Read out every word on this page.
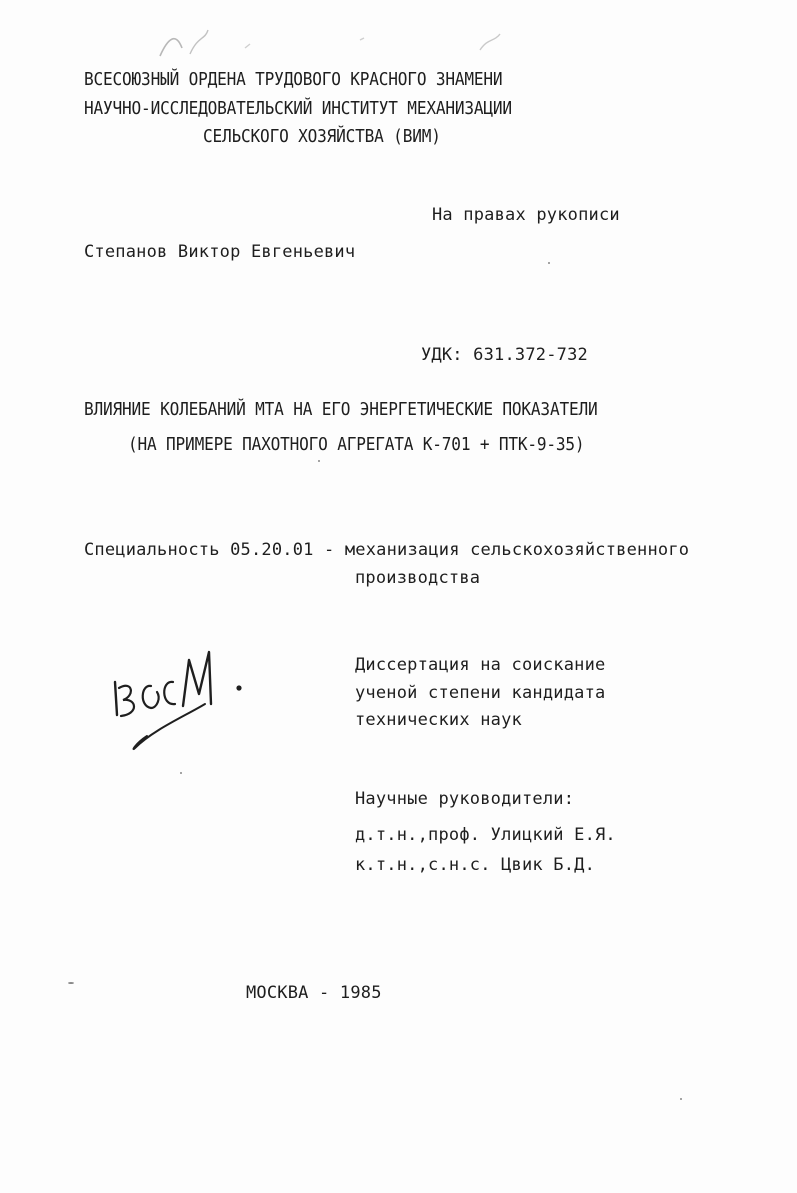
ВСЕСОЮЗНЫЙ ОРДЕНА ТРУДОВОГО КРАСНОГО ЗНАМЕНИ
НАУЧНО-ИССЛЕДОВАТЕЛЬСКИЙ ИНСТИТУТ МЕХАНИЗАЦИИ
СЕЛЬСКОГО ХОЗЯЙСТВА (ВИМ)
На правах рукописи
Степанов Виктор Евгеньевич
УДК: 631.372-732
ВЛИЯНИЕ КОЛЕБАНИЙ МТА НА ЕГО ЭНЕРГЕТИЧЕСКИЕ ПОКАЗАТЕЛИ
(НА ПРИМЕРЕ ПАХОТНОГО АГРЕГАТА К-701 + ПТК-9-35)
Специальность 05.20.01 - механизация сельскохозяйственного
производства
Диссертация на соискание
ученой степени кандидата
технических наук
Научные руководители:
д.т.н.,проф. Улицкий Е.Я.
к.т.н.,с.н.с. Цвик Б.Д.
МОСКВА - 1985
